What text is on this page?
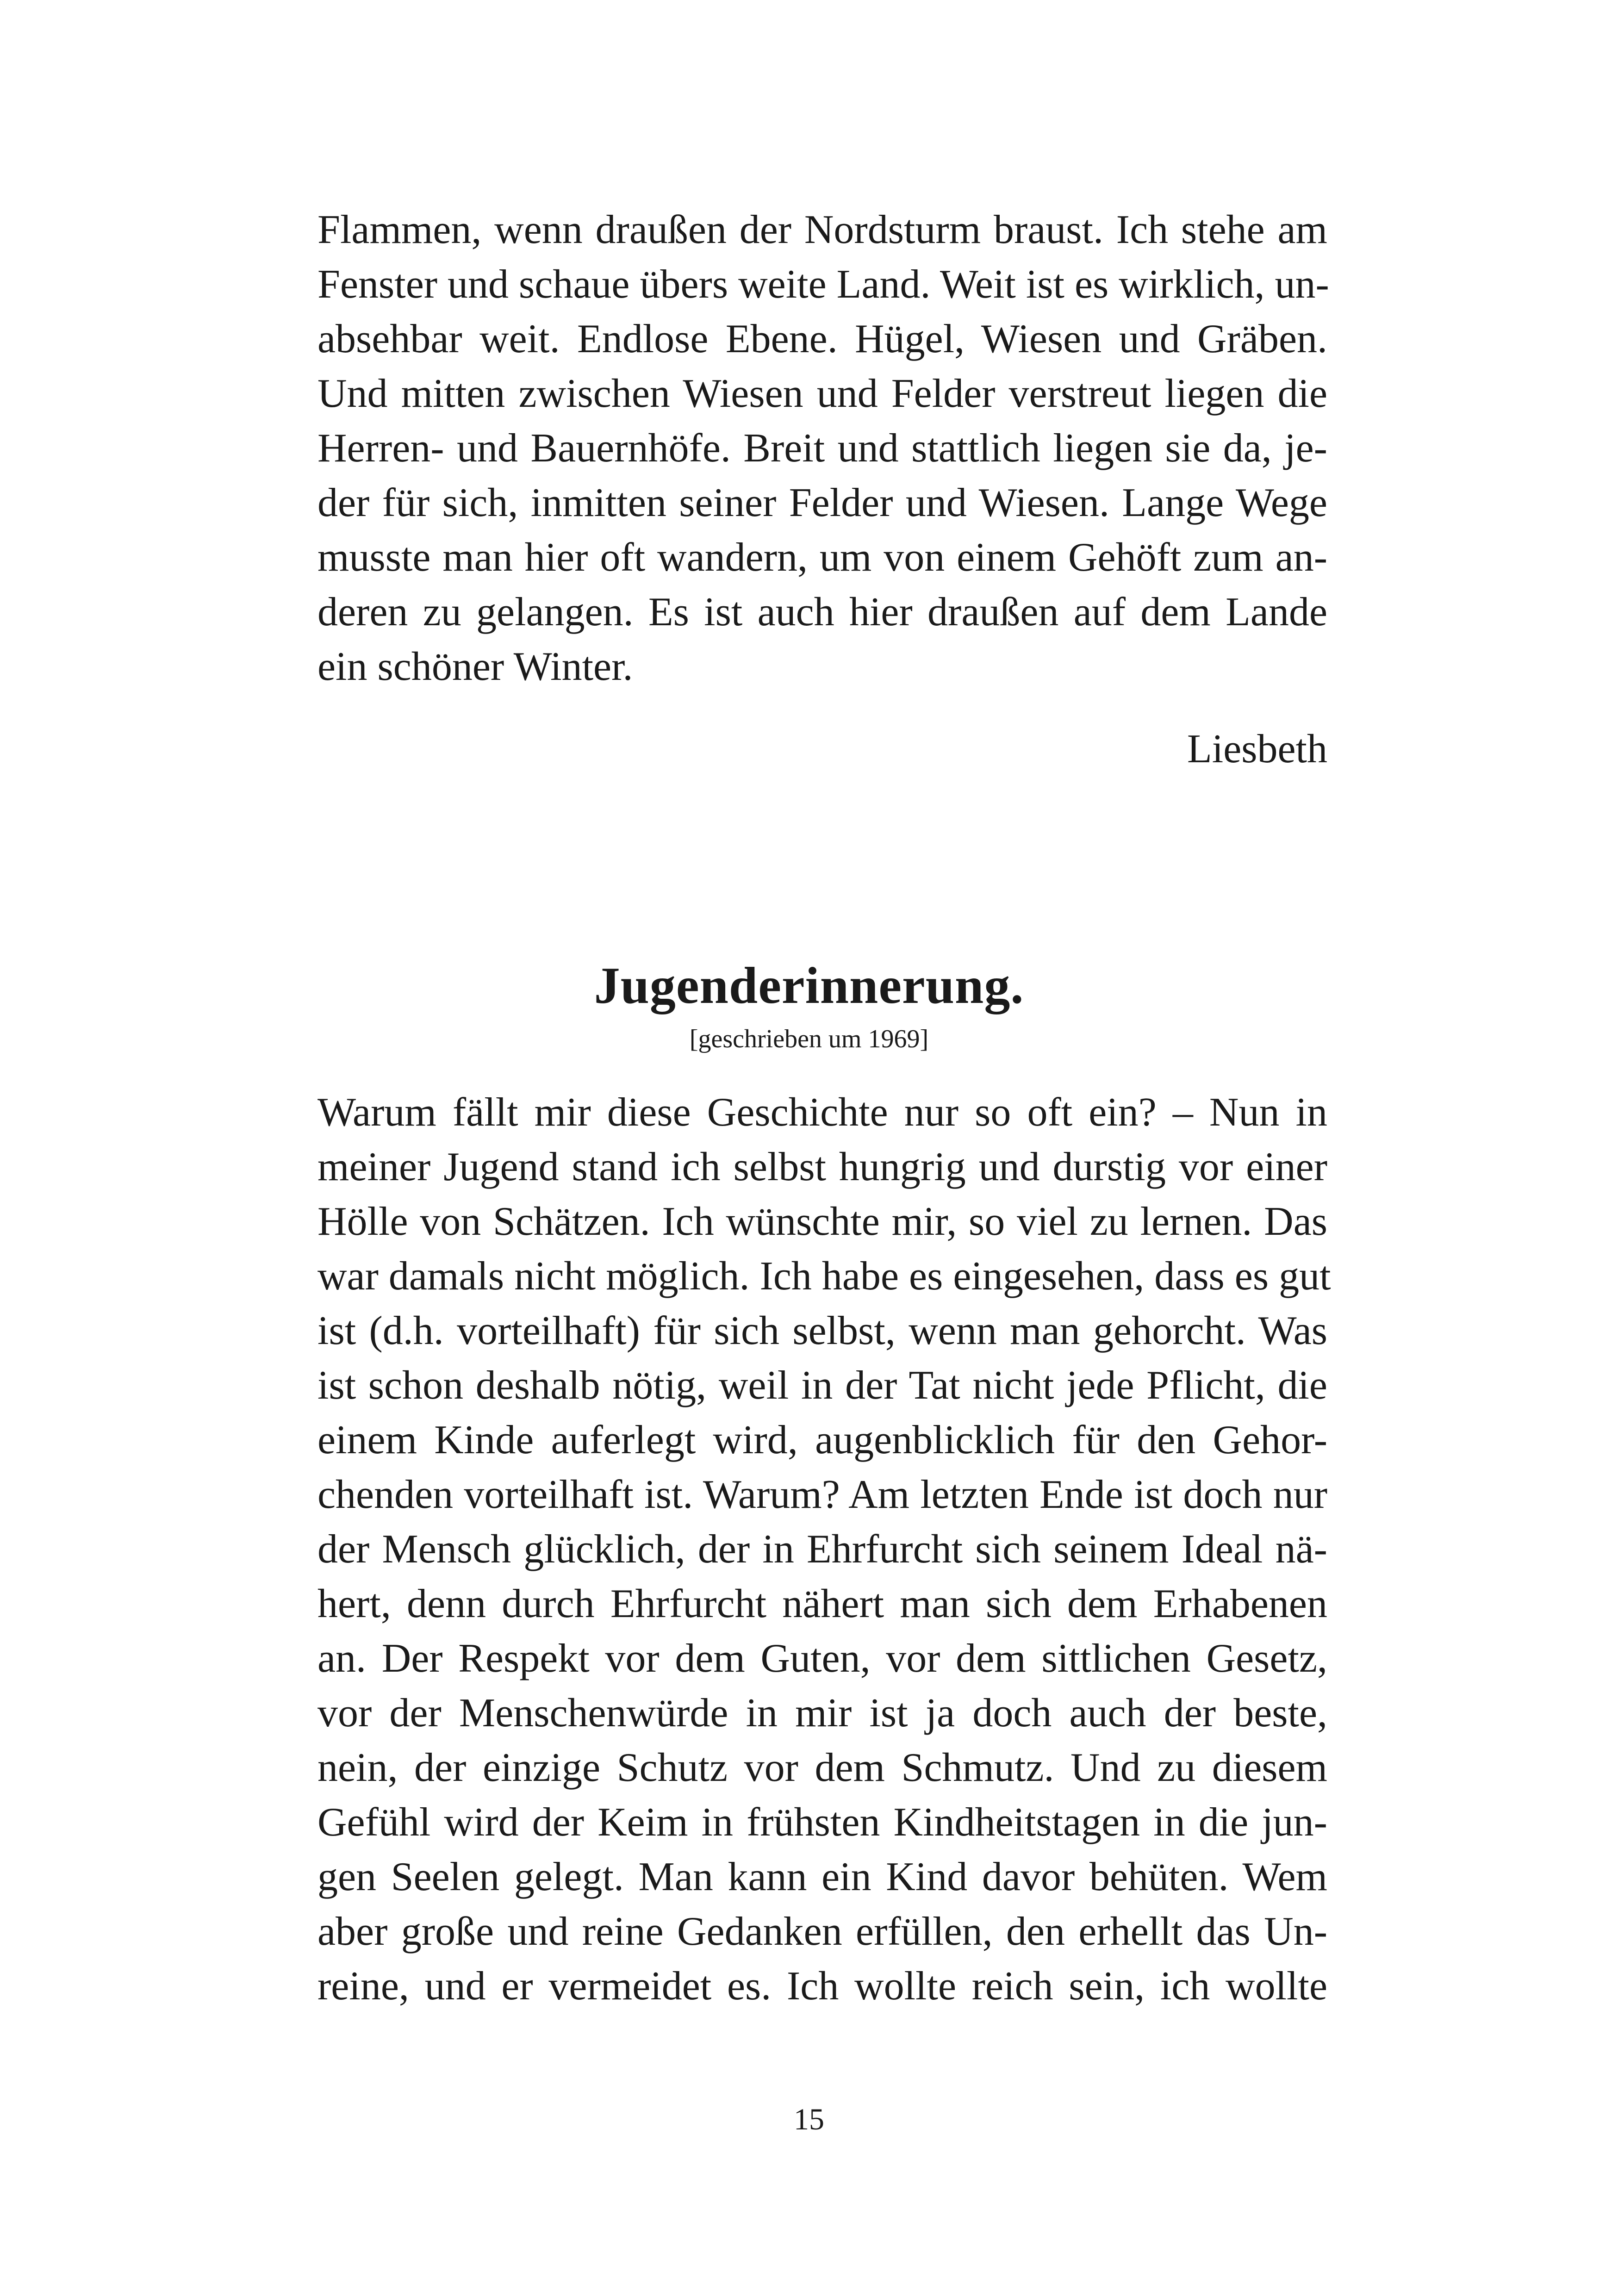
Flammen, wenn draußen der Nordsturm braust. Ich stehe am
Fenster und schaue übers weite Land. Weit ist es wirklich, un-
absehbar weit. Endlose Ebene. Hügel, Wiesen und Gräben.
Und mitten zwischen Wiesen und Felder verstreut liegen die
Herren- und Bauernhöfe. Breit und stattlich liegen sie da, je-
der für sich, inmitten seiner Felder und Wiesen. Lange Wege
musste man hier oft wandern, um von einem Gehöft zum an-
deren zu gelangen. Es ist auch hier draußen auf dem Lande
ein schöner Winter.
Liesbeth
Jugenderinnerung.
[geschrieben um 1969]
Warum fällt mir diese Geschichte nur so oft ein? – Nun in
meiner Jugend stand ich selbst hungrig und durstig vor einer
Hölle von Schätzen. Ich wünschte mir, so viel zu lernen. Das
war damals nicht möglich. Ich habe es eingesehen, dass es gut
ist (d.h. vorteilhaft) für sich selbst, wenn man gehorcht. Was
ist schon deshalb nötig, weil in der Tat nicht jede Pflicht, die
einem Kinde auferlegt wird, augenblicklich für den Gehor-
chenden vorteilhaft ist. Warum? Am letzten Ende ist doch nur
der Mensch glücklich, der in Ehrfurcht sich seinem Ideal nä-
hert, denn durch Ehrfurcht nähert man sich dem Erhabenen
an. Der Respekt vor dem Guten, vor dem sittlichen Gesetz,
vor der Menschenwürde in mir ist ja doch auch der beste,
nein, der einzige Schutz vor dem Schmutz. Und zu diesem
Gefühl wird der Keim in frühsten Kindheitstagen in die jun-
gen Seelen gelegt. Man kann ein Kind davor behüten. Wem
aber große und reine Gedanken erfüllen, den erhellt das Un-
reine, und er vermeidet es. Ich wollte reich sein, ich wollte
15
